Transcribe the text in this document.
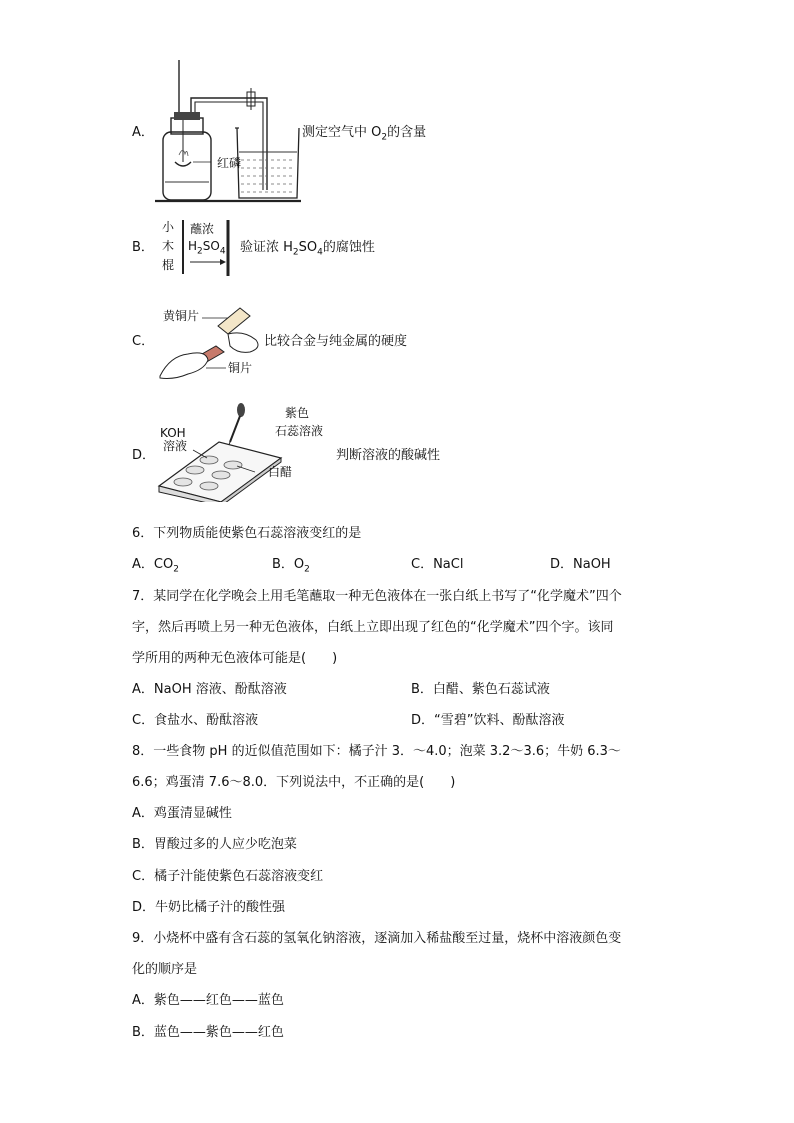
A．
红磷
测定空气中 $O_2$的含量
B．
小
木
棍
蘸浓
$H_2SO_4$ 验证浓 $H_2SO_4$的腐蚀性
C．
黄铜片
铜片
比较合金与纯金属的硬度
D．
KOH
溶液
紫色
石蕊溶液
白醋
判断溶液的酸碱性
6．下列物质能使紫色石蕊溶液变红的是
A．$CO_2$	B．$O_2$	C．NaCl	D．NaOH
7．某同学在化学晚会上用毛笔蘸取一种无色液体在一张白纸上书写了“化学魔术”四个
字，然后再喷上另一种无色液体，白纸上立即出现了红色的“化学魔术”四个字。该同
学所用的两种无色液体可能是(　　)
A．NaOH 溶液、酚酞溶液	B．白醋、紫色石蕊试液
C．食盐水、酚酞溶液	D．“雪碧”饮料、酚酞溶液
8．一些食物 pH 的近似值范围如下：橘子汁 3．～4.0；泡菜 3.2～3.6；牛奶 6.3～
6.6；鸡蛋清 7.6～8.0．下列说法中，不正确的是(　　)
A．鸡蛋清显碱性
B．胃酸过多的人应少吃泡菜
C．橘子汁能使紫色石蕊溶液变红
D．牛奶比橘子汁的酸性强
9．小烧杯中盛有含石蕊的氢氧化钠溶液，逐滴加入稀盐酸至过量，烧杯中溶液颜色变
化的顺序是
A．紫色——红色——蓝色
B．蓝色——紫色——红色
